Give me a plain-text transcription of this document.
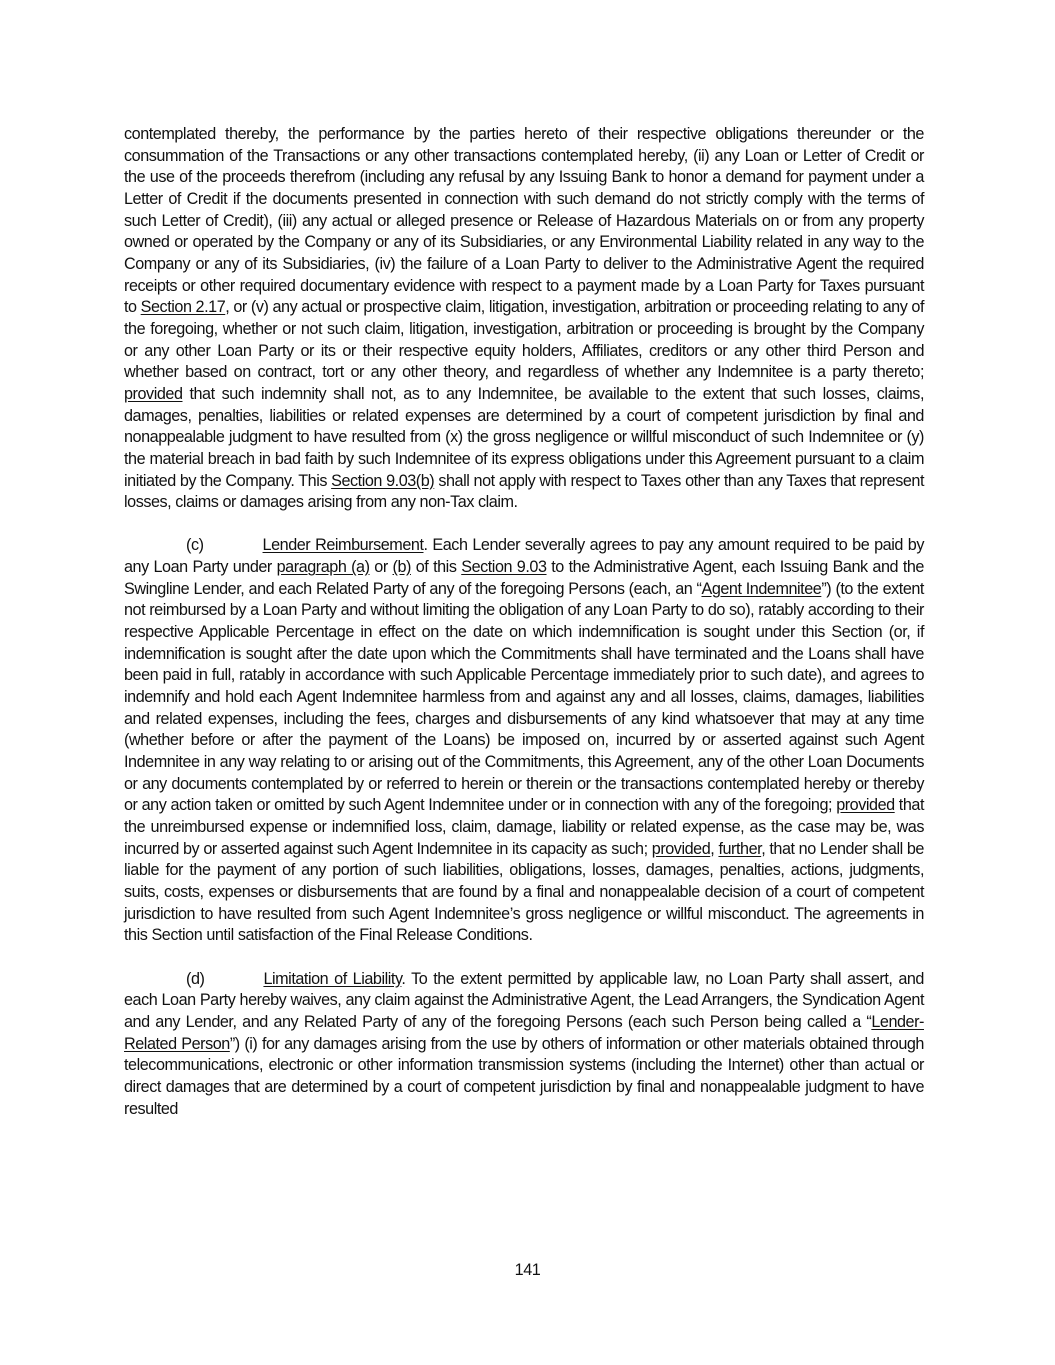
contemplated thereby, the performance by the parties hereto of their respective obligations thereunder or the consummation of the Transactions or any other transactions contemplated hereby, (ii) any Loan or Letter of Credit or the use of the proceeds therefrom (including any refusal by any Issuing Bank to honor a demand for payment under a Letter of Credit if the documents presented in connection with such demand do not strictly comply with the terms of such Letter of Credit), (iii) any actual or alleged presence or Release of Hazardous Materials on or from any property owned or operated by the Company or any of its Subsidiaries, or any Environmental Liability related in any way to the Company or any of its Subsidiaries, (iv) the failure of a Loan Party to deliver to the Administrative Agent the required receipts or other required documentary evidence with respect to a payment made by a Loan Party for Taxes pursuant to Section 2.17, or (v) any actual or prospective claim, litigation, investigation, arbitration or proceeding relating to any of the foregoing, whether or not such claim, litigation, investigation, arbitration or proceeding is brought by the Company or any other Loan Party or its or their respective equity holders, Affiliates, creditors or any other third Person and whether based on contract, tort or any other theory, and regardless of whether any Indemnitee is a party thereto; provided that such indemnity shall not, as to any Indemnitee, be available to the extent that such losses, claims, damages, penalties, liabilities or related expenses are determined by a court of competent jurisdiction by final and nonappealable judgment to have resulted from (x) the gross negligence or willful misconduct of such Indemnitee or (y) the material breach in bad faith by such Indemnitee of its express obligations under this Agreement pursuant to a claim initiated by the Company. This Section 9.03(b) shall not apply with respect to Taxes other than any Taxes that represent losses, claims or damages arising from any non-Tax claim.

(c)	Lender Reimbursement. Each Lender severally agrees to pay any amount required to be paid by any Loan Party under paragraph (a) or (b) of this Section 9.03 to the Administrative Agent, each Issuing Bank and the Swingline Lender, and each Related Party of any of the foregoing Persons (each, an “Agent Indemnitee”) (to the extent not reimbursed by a Loan Party and without limiting the obligation of any Loan Party to do so), ratably according to their respective Applicable Percentage in effect on the date on which indemnification is sought under this Section (or, if indemnification is sought after the date upon which the Commitments shall have terminated and the Loans shall have been paid in full, ratably in accordance with such Applicable Percentage immediately prior to such date), and agrees to indemnify and hold each Agent Indemnitee harmless from and against any and all losses, claims, damages, liabilities and related expenses, including the fees, charges and disbursements of any kind whatsoever that may at any time (whether before or after the payment of the Loans) be imposed on, incurred by or asserted against such Agent Indemnitee in any way relating to or arising out of the Commitments, this Agreement, any of the other Loan Documents or any documents contemplated by or referred to herein or therein or the transactions contemplated hereby or thereby or any action taken or omitted by such Agent Indemnitee under or in connection with any of the foregoing; provided that the unreimbursed expense or indemnified loss, claim, damage, liability or related expense, as the case may be, was incurred by or asserted against such Agent Indemnitee in its capacity as such; provided, further, that no Lender shall be liable for the payment of any portion of such liabilities, obligations, losses, damages, penalties, actions, judgments, suits, costs, expenses or disbursements that are found by a final and nonappealable decision of a court of competent jurisdiction to have resulted from such Agent Indemnitee’s gross negligence or willful misconduct. The agreements in this Section until satisfaction of the Final Release Conditions.

(d)	Limitation of Liability. To the extent permitted by applicable law, no Loan Party shall assert, and each Loan Party hereby waives, any claim against the Administrative Agent, the Lead Arrangers, the Syndication Agent and any Lender, and any Related Party of any of the foregoing Persons (each such Person being called a “Lender-Related Person”) (i) for any damages arising from the use by others of information or other materials obtained through telecommunications, electronic or other information transmission systems (including the Internet) other than actual or direct damages that are determined by a court of competent jurisdiction by final and nonappealable judgment to have resulted

141
